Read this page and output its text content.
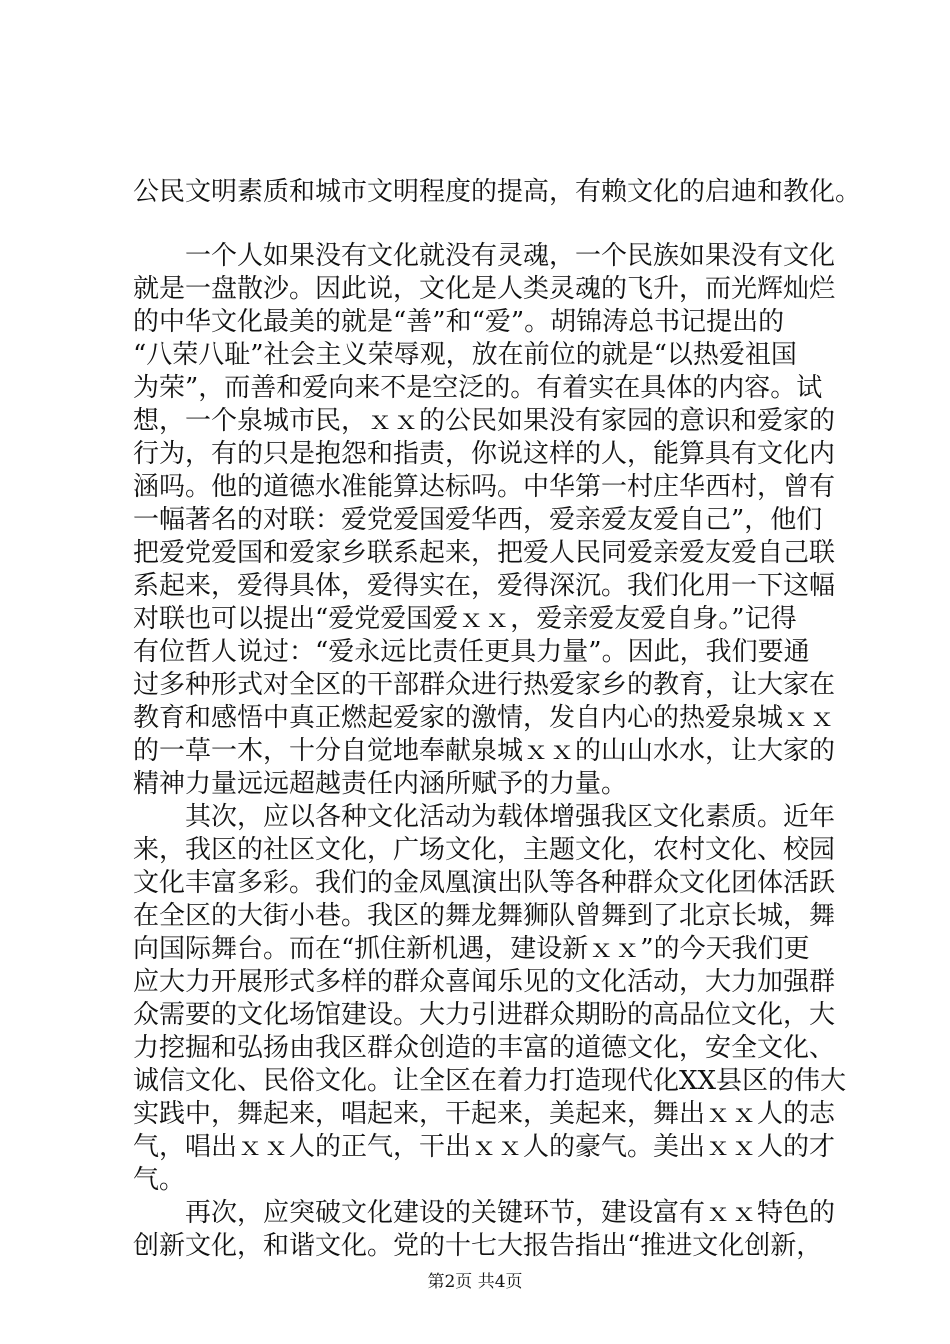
公民文明素质和城市文明程度的提高，有赖文化的启迪和教化。
　　一个人如果没有文化就没有灵魂，一个民族如果没有文化
就是一盘散沙。因此说，文化是人类灵魂的飞升，而光辉灿烂
的中华文化最美的就是“善”和“爱”。胡锦涛总书记提出的
“八荣八耻”社会主义荣辱观，放在前位的就是“以热爱祖国
为荣”，而善和爱向来不是空泛的。有着实在具体的内容。试
想，一个泉城市民，ｘｘ的公民如果没有家园的意识和爱家的
行为，有的只是抱怨和指责，你说这样的人，能算具有文化内
涵吗。他的道德水准能算达标吗。中华第一村庄华西村，曾有
一幅著名的对联：爱党爱国爱华西，爱亲爱友爱自己”，他们
把爱党爱国和爱家乡联系起来，把爱人民同爱亲爱友爱自己联
系起来，爱得具体，爱得实在，爱得深沉。我们化用一下这幅
对联也可以提出“爱党爱国爱ｘｘ，爱亲爱友爱自身。”记得
有位哲人说过：“爱永远比责任更具力量”。因此，我们要通
过多种形式对全区的干部群众进行热爱家乡的教育，让大家在
教育和感悟中真正燃起爱家的激情，发自内心的热爱泉城ｘｘ
的一草一木，十分自觉地奉献泉城ｘｘ的山山水水，让大家的
精神力量远远超越责任内涵所赋予的力量。
　　其次，应以各种文化活动为载体增强我区文化素质。近年
来，我区的社区文化，广场文化，主题文化，农村文化、校园
文化丰富多彩。我们的金凤凰演出队等各种群众文化团体活跃
在全区的大街小巷。我区的舞龙舞狮队曾舞到了北京长城，舞
向国际舞台。而在“抓住新机遇，建设新ｘｘ”的今天我们更
应大力开展形式多样的群众喜闻乐见的文化活动，大力加强群
众需要的文化场馆建设。大力引进群众期盼的高品位文化，大
力挖掘和弘扬由我区群众创造的丰富的道德文化，安全文化、
诚信文化、民俗文化。让全区在着力打造现代化XX县区的伟大
实践中，舞起来，唱起来，干起来，美起来，舞出ｘｘ人的志
气，唱出ｘｘ人的正气，干出ｘｘ人的豪气。美出ｘｘ人的才
气。
　　再次，应突破文化建设的关键环节，建设富有ｘｘ特色的
创新文化，和谐文化。党的十七大报告指出“推进文化创新，
第2页 共4页
